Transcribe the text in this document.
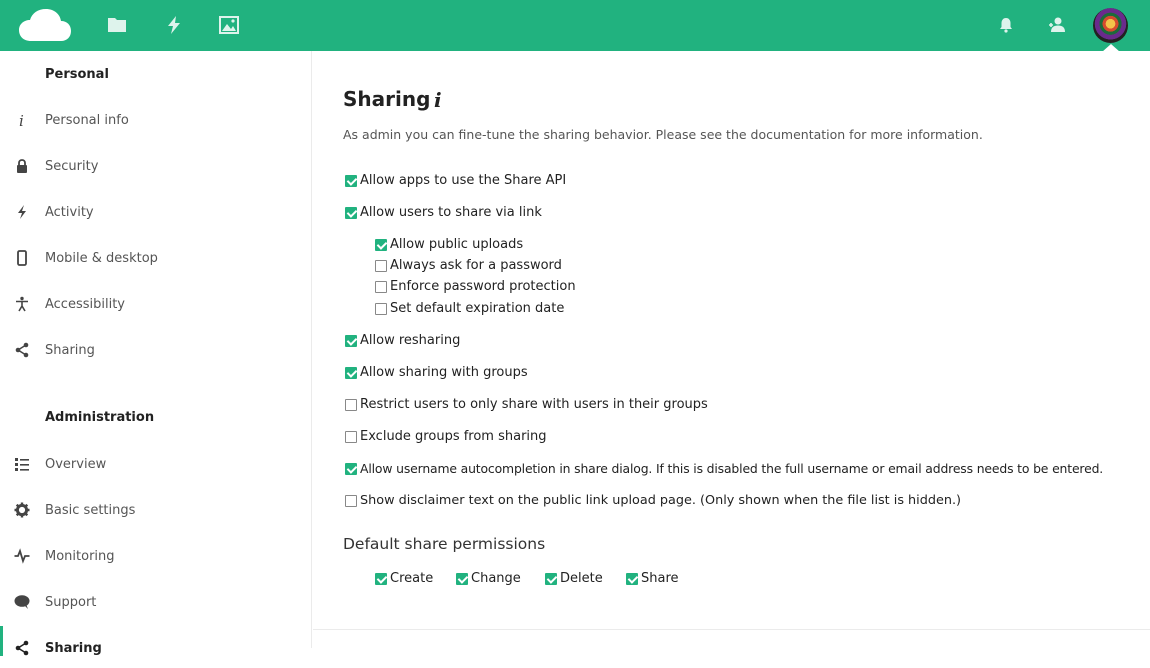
Personal
i Personal info
Security
Activity
Mobile & desktop
Accessibility
Sharing
Administration
Overview
Basic settings
Monitoring
Support
Sharing
Sharing i
As admin you can fine-tune the sharing behavior. Please see the documentation for more information.
Allow apps to use the Share API
Allow users to share via link
Allow public uploads
Always ask for a password
Enforce password protection
Set default expiration date
Allow resharing
Allow sharing with groups
Restrict users to only share with users in their groups
Exclude groups from sharing
Allow username autocompletion in share dialog. If this is disabled the full username or email address needs to be entered.
Show disclaimer text on the public link upload page. (Only shown when the file list is hidden.)
Default share permissions
Create	Change	Delete	Share
